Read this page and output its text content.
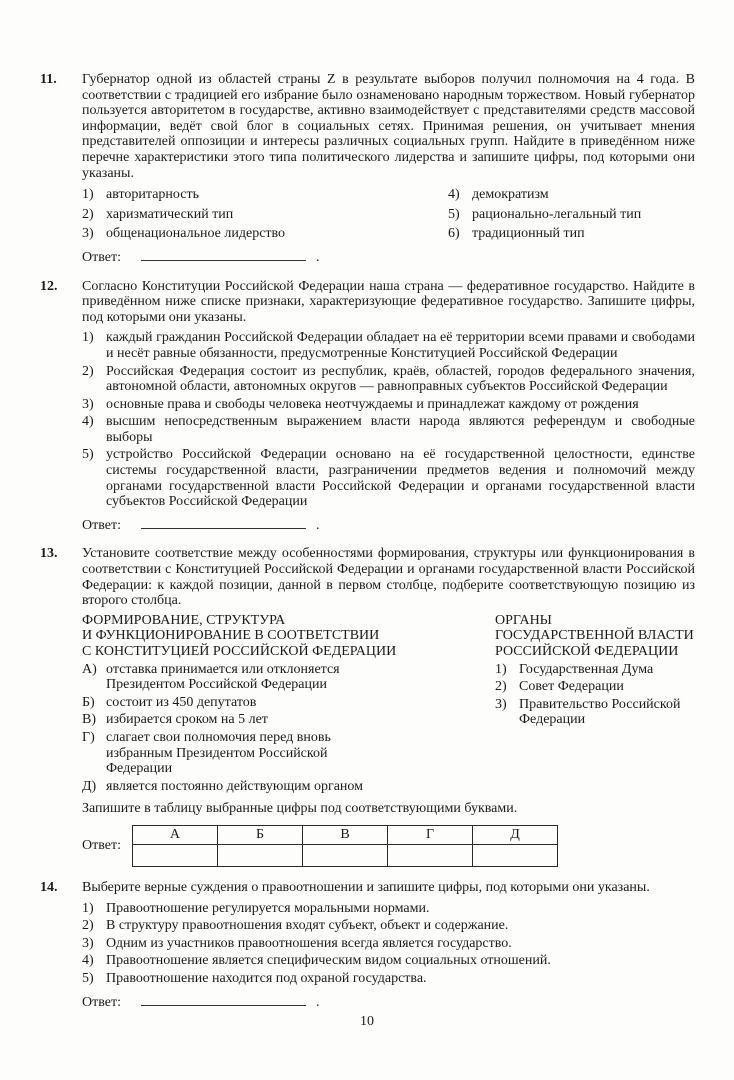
11.	Губернатор одной из областей страны Z в результате выборов получил полномочия на 4 года. В соответствии с традицией его избрание было ознаменовано народным торжеством. Новый губернатор пользуется авторитетом в государстве, активно взаимодействует с представителями средств массовой информации, ведёт свой блог в социальных сетях. Принимая решения, он учитывает мнения представителей оппозиции и интересы различных социальных групп. Найдите в приведённом ниже перечне характеристики этого типа политического лидерства и запишите цифры, под которыми они указаны.
1) авторитарность
2) харизматический тип
3) общенациональное лидерство
4) демократизм
5) рационально-легальный тип
6) традиционный тип
Ответ:	.
12.	Согласно Конституции Российской Федерации наша страна — федеративное государство. Найдите в приведённом ниже списке признаки, характеризующие федеративное государство. Запишите цифры, под которыми они указаны.
1) каждый гражданин Российской Федерации обладает на её территории всеми правами и свободами и несёт равные обязанности, предусмотренные Конституцией Российской Федерации
2) Российская Федерация состоит из республик, краёв, областей, городов федерального значения, автономной области, автономных округов — равноправных субъектов Российской Федерации
3) основные права и свободы человека неотчуждаемы и принадлежат каждому от рождения
4) высшим непосредственным выражением власти народа являются референдум и свободные выборы
5) устройство Российской Федерации основано на её государственной целостности, единстве системы государственной власти, разграничении предметов ведения и полномочий между органами государственной власти Российской Федерации и органами государственной власти субъектов Российской Федерации
Ответ:	.
13.	Установите соответствие между особенностями формирования, структуры или функционирования в соответствии с Конституцией Российской Федерации и органами государственной власти Российской Федерации: к каждой позиции, данной в первом столбце, подберите соответствующую позицию из второго столбца.
ФОРМИРОВАНИЕ, СТРУКТУРА
И ФУНКЦИОНИРОВАНИЕ В СООТВЕТСТВИИ
С КОНСТИТУЦИЕЙ РОССИЙСКОЙ ФЕДЕРАЦИИ
А) отставка принимается или отклоняется Президентом Российской Федерации
Б) состоит из 450 депутатов
В) избирается сроком на 5 лет
Г) слагает свои полномочия перед вновь избранным Президентом Российской Федерации
Д) является постоянно действующим органом
ОРГАНЫ
ГОСУДАРСТВЕННОЙ ВЛАСТИ
РОССИЙСКОЙ ФЕДЕРАЦИИ
1) Государственная Дума
2) Совет Федерации
3) Правительство Российской Федерации
Запишите в таблицу выбранные цифры под соответствующими буквами.
Ответ:
А	Б	В	Г	Д

14.	Выберите верные суждения о правоотношении и запишите цифры, под которыми они указаны.
1) Правоотношение регулируется моральными нормами.
2) В структуру правоотношения входят субъект, объект и содержание.
3) Одним из участников правоотношения всегда является государство.
4) Правоотношение является специфическим видом социальных отношений.
5) Правоотношение находится под охраной государства.
Ответ:	.
10
